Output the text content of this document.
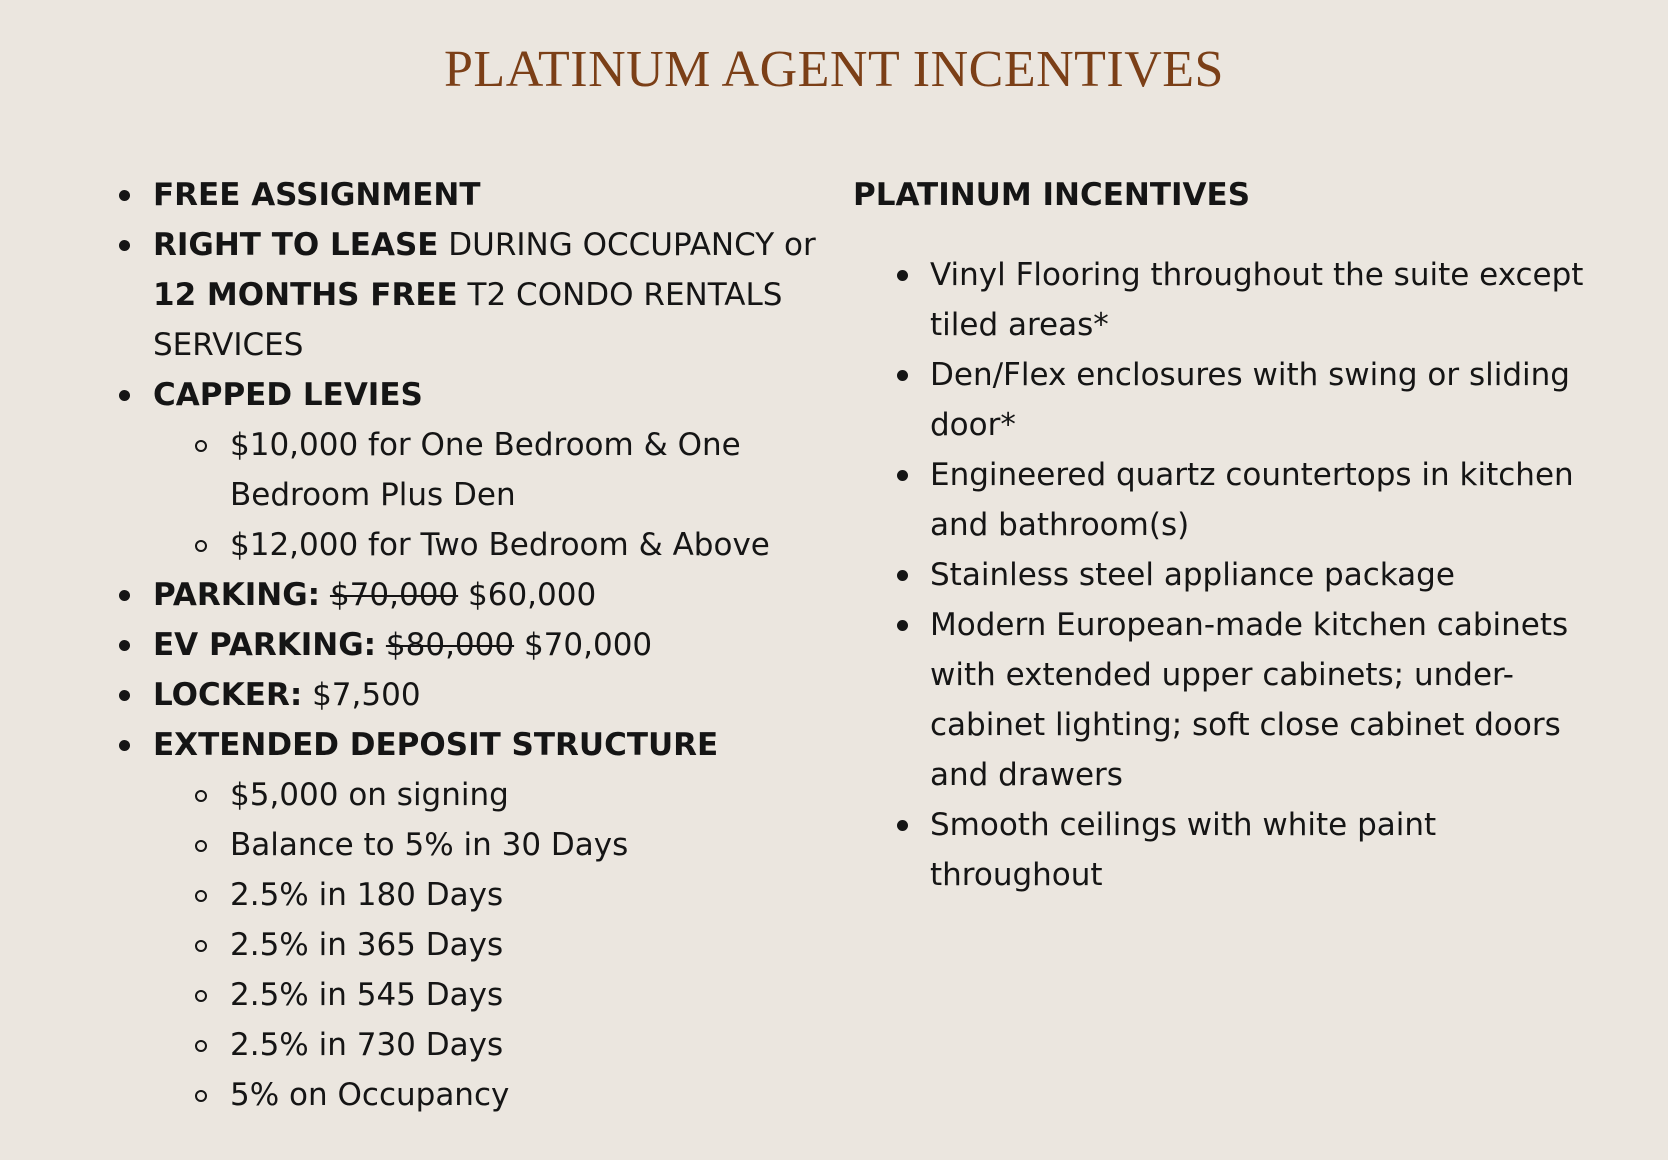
PLATINUM AGENT INCENTIVES
FREE ASSIGNMENT
RIGHT TO LEASE DURING OCCUPANCY or 12 MONTHS FREE T2 CONDO RENTALS SERVICES
CAPPED LEVIES
$10,000 for One Bedroom & One Bedroom Plus Den
$12,000 for Two Bedroom & Above
PARKING: $70,000 $60,000
EV PARKING: $80,000 $70,000
LOCKER: $7,500
EXTENDED DEPOSIT STRUCTURE
$5,000 on signing
Balance to 5% in 30 Days
2.5% in 180 Days
2.5% in 365 Days
2.5% in 545 Days
2.5% in 730 Days
5% on Occupancy
PLATINUM INCENTIVES
Vinyl Flooring throughout the suite except tiled areas*
Den/Flex enclosures with swing or sliding door*
Engineered quartz countertops in kitchen and bathroom(s)
Stainless steel appliance package
Modern European-made kitchen cabinets with extended upper cabinets; under-cabinet lighting; soft close cabinet doors and drawers
Smooth ceilings with white paint throughout
